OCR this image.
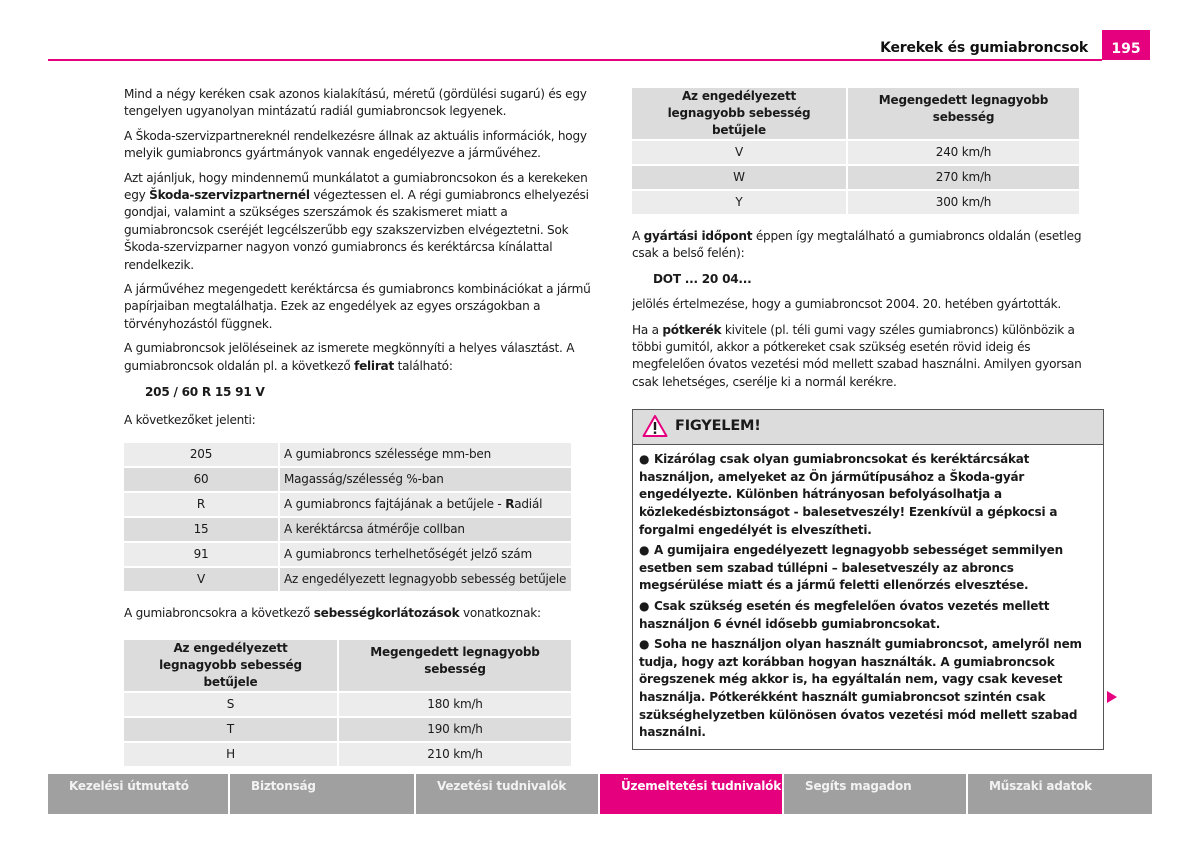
Kerekek és gumiabroncsok	195

Mind a négy keréken csak azonos kialakítású, méretű (gördülési sugarú) és egy tengelyen ugyanolyan mintázatú radiál gumiabroncsok legyenek.

A Škoda-szervizpartnereknél rendelkezésre állnak az aktuális információk, hogy melyik gumiabroncs gyártmányok vannak engedélyezve a járművéhez.

Azt ajánljuk, hogy mindennemű munkálatot a gumiabroncsokon és a kerekeken egy Škoda-szervizpartnernél végeztessen el. A régi gumiabroncs elhelyezési gondjai, valamint a szükséges szerszámok és szakismeret miatt a gumiabroncsok cseréjét legcélszerűbb egy szakszervizben elvégeztetni. Sok Škoda-szervizparner nagyon vonzó gumiabroncs és keréktárcsa kínálattal rendelkezik.

A járművéhez megengedett keréktárcsa és gumiabroncs kombinációkat a jármű papírjaiban megtalálhatja. Ezek az engedélyek az egyes országokban a törvényhozástól függnek.

A gumiabroncsok jelöléseinek az ismerete megkönnyíti a helyes választást. A gumiabroncsok oldalán pl. a következő felirat található:

205 / 60 R 15 91 V

A következőket jelenti:

205	A gumiabroncs szélessége mm-ben
60	Magasság/szélesség %-ban
R	A gumiabroncs fajtájának a betűjele - Radiál
15	A keréktárcsa átmérője collban
91	A gumiabroncs terhelhetőségét jelző szám
V	Az engedélyezett legnagyobb sebesség betűjele

A gumiabroncsokra a következő sebességkorlátozások vonatkoznak:

Az engedélyezett legnagyobb sebesség betűjele	Megengedett legnagyobb sebesség
S	180 km/h
T	190 km/h
H	210 km/h
Az engedélyezett legnagyobb sebesség betűjele	Megengedett legnagyobb sebesség
V	240 km/h
W	270 km/h
Y	300 km/h

A gyártási időpont éppen így megtalálható a gumiabroncs oldalán (esetleg csak a belső felén):

DOT ... 20 04...

jelölés értelmezése, hogy a gumiabroncsot 2004. 20. hetében gyártották.

Ha a pótkerék kivitele (pl. téli gumi vagy széles gumiabroncs) különbözik a többi gumitól, akkor a pótkereket csak szükség esetén rövid ideig és megfelelően óvatos vezetési mód mellett szabad használni. Amilyen gyorsan csak lehetséges, cserélje ki a normál kerékre.

FIGYELEM!

● Kizárólag csak olyan gumiabroncsokat és keréktárcsákat használjon, amelyeket az Ön járműtípusához a Škoda-gyár engedélyezte. Különben hátrányosan befolyásolhatja a közlekedésbiztonságot - balesetveszély! Ezenkívül a gépkocsi a forgalmi engedélyét is elveszítheti.

● A gumijaira engedélyezett legnagyobb sebességet semmilyen esetben sem szabad túllépni – balesetveszély az abroncs megsérülése miatt és a jármű feletti ellenőrzés elvesztése.

● Csak szükség esetén és megfelelően óvatos vezetés mellett használjon 6 évnél idősebb gumiabroncsokat.

● Soha ne használjon olyan használt gumiabroncsot, amelyről nem tudja, hogy azt korábban hogyan használták. A gumiabroncsok öregszenek még akkor is, ha egyáltalán nem, vagy csak keveset használja. Pótkerékként használt gumiabroncsot szintén csak szükséghelyzetben különösen óvatos vezetési mód mellett szabad használni.

Kezelési útmutató	Biztonság	Vezetési tudnivalók	Üzemeltetési tudnivalók	Segíts magadon	Műszaki adatok
